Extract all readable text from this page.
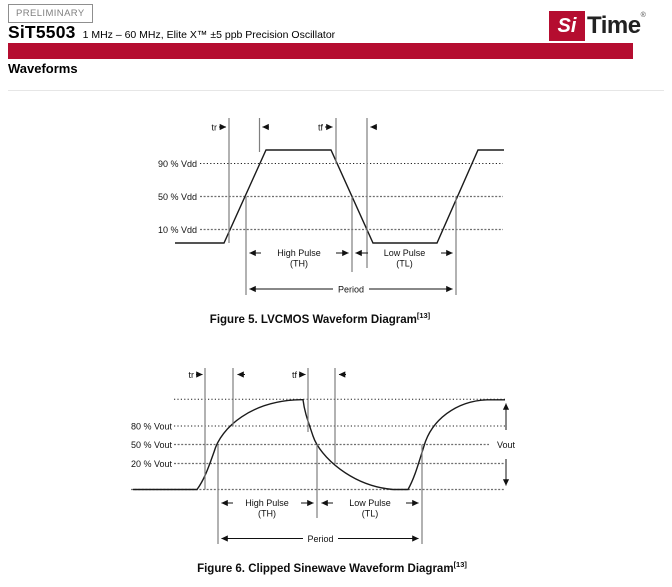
PRELIMINARY
SiT5503 1 MHz – 60 MHz, Elite X™ ±5 ppb Precision Oscillator	Si Time ®
Waveforms
tr	tf
90 % Vdd
50 % Vdd
10 % Vdd
High Pulse
(TH)
Low Pulse
(TL)
Period
Figure 5. LVCMOS Waveform Diagram[13]
tr	tf
80 % Vout
50 % Vout
20 % Vout
High Pulse
(TH)
Low Pulse
(TL)
Period
Vout
Figure 6. Clipped Sinewave Waveform Diagram[13]
